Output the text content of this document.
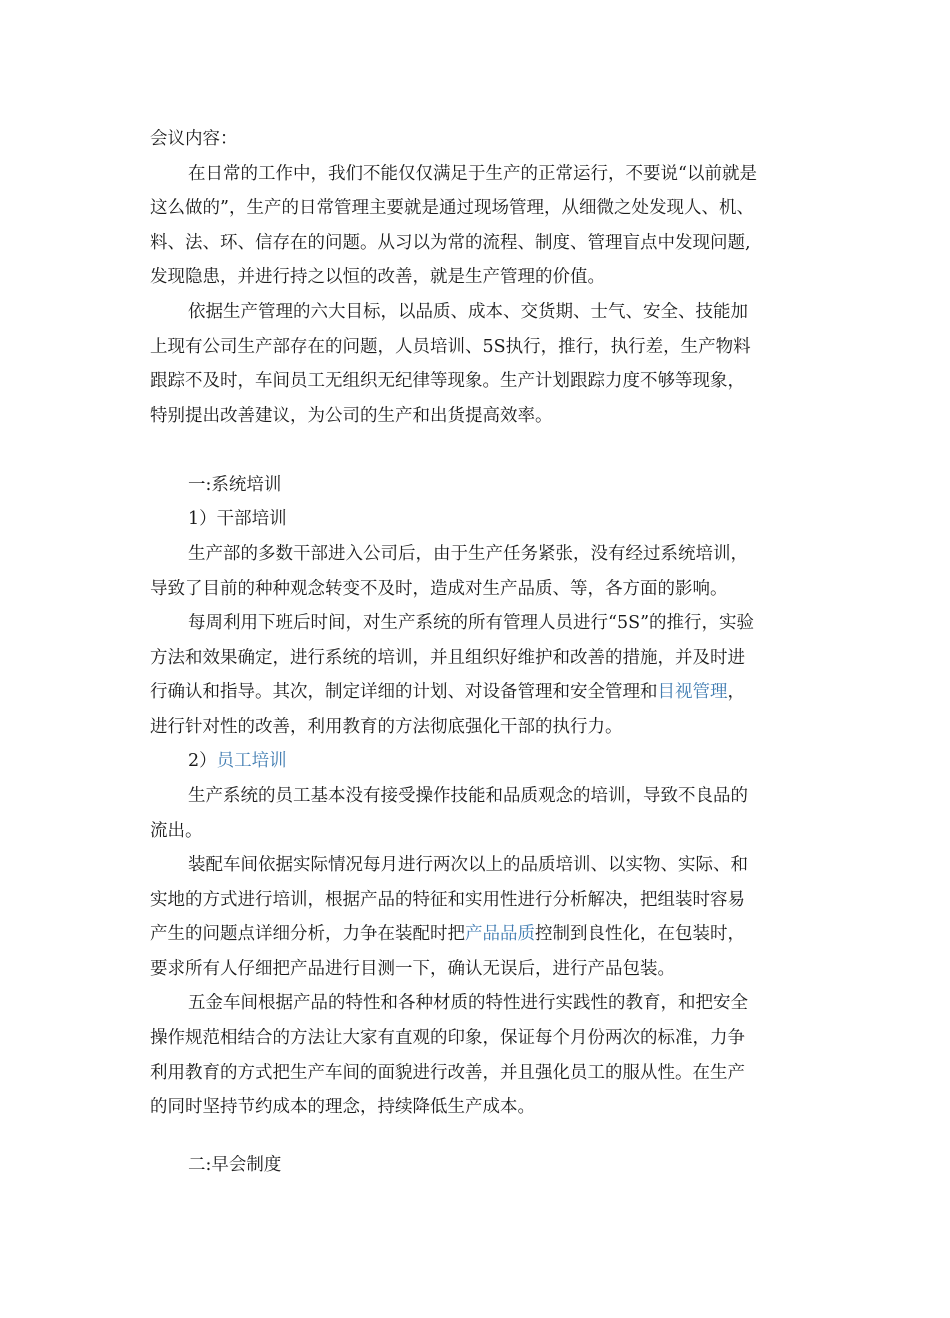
会议内容：
在日常的工作中，我们不能仅仅满足于生产的正常运行，不要说“以前就是
这么做的”，生产的日常管理主要就是通过现场管理，从细微之处发现人、机、
料、法、环、信存在的问题。从习以为常的流程、制度、管理盲点中发现问题,
发现隐患，并进行持之以恒的改善，就是生产管理的价值。
依据生产管理的六大目标，以品质、成本、交货期、士气、安全、技能加
上现有公司生产部存在的问题，人员培训、5S执行，推行，执行差，生产物料
跟踪不及时，车间员工无组织无纪律等现象。生产计划跟踪力度不够等现象，
特别提出改善建议，为公司的生产和出货提高效率。
一:系统培训
1）干部培训
生产部的多数干部进入公司后，由于生产任务紧张，没有经过系统培训，
导致了目前的种种观念转变不及时，造成对生产品质、等，各方面的影响。
每周利用下班后时间，对生产系统的所有管理人员进行“5S”的推行，实验
方法和效果确定，进行系统的培训，并且组织好维护和改善的措施，并及时进
行确认和指导。其次，制定详细的计划、对设备管理和安全管理和目视管理，
进行针对性的改善，利用教育的方法彻底强化干部的执行力。
2）员工培训
生产系统的员工基本没有接受操作技能和品质观念的培训，导致不良品的
流出。
装配车间依据实际情况每月进行两次以上的品质培训、以实物、实际、和
实地的方式进行培训，根据产品的特征和实用性进行分析解决，把组装时容易
产生的问题点详细分析，力争在装配时把产品品质控制到良性化，在包装时，
要求所有人仔细把产品进行目测一下，确认无误后，进行产品包装。
五金车间根据产品的特性和各种材质的特性进行实践性的教育，和把安全
操作规范相结合的方法让大家有直观的印象，保证每个月份两次的标准，力争
利用教育的方式把生产车间的面貌进行改善，并且强化员工的服从性。在生产
的同时坚持节约成本的理念，持续降低生产成本。
二:早会制度
